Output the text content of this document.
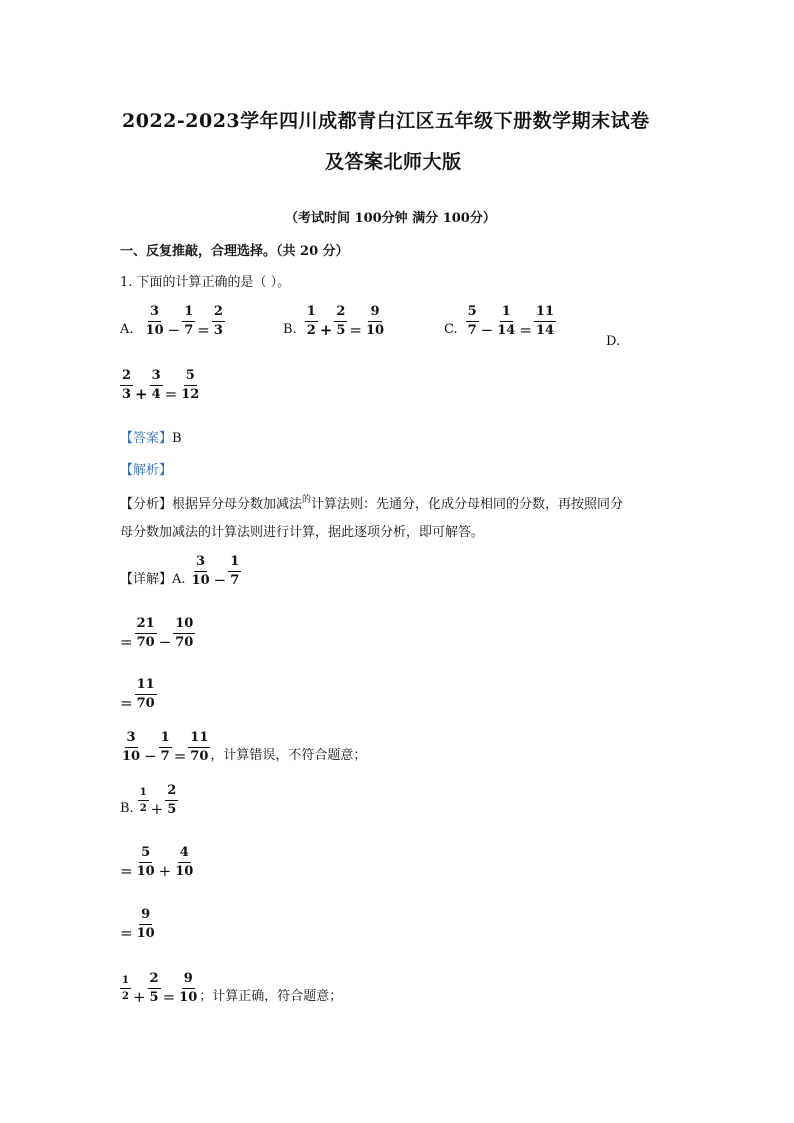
2022-2023学年四川成都青白江区五年级下册数学期末试卷
及答案北师大版
（考试时间 100分钟 满分 100分）
一、反复推敲，合理选择。（共 20 分）
1. 下面的计算正确的是（ ）。
A. $\frac{3}{10} - \frac{1}{7} = \frac{2}{3}$	B. $\frac{1}{2} + \frac{2}{5} = \frac{9}{10}$	C. $\frac{5}{7} - \frac{1}{14} = \frac{11}{14}$
D.
$\frac{2}{3} + \frac{3}{4} = \frac{5}{12}$
【答案】B
【解析】
【分析】根据异分母分数加减法$^的$计算法则：先通分，化成分母相同的分数，再按照同分
母分数加减法的计算法则进行计算，据此逐项分析，即可解答。
【详解】A. $\frac{3}{10} - \frac{1}{7}$
= $\frac{21}{70} - \frac{10}{70}$
= $\frac{11}{70}$
$\frac{3}{10} - \frac{1}{7} = \frac{11}{70}$ ，计算错误，不符合题意；
B. $\frac{1}{2} + \frac{2}{5}$
= $\frac{5}{10} + \frac{4}{10}$
= $\frac{9}{10}$
$\frac{1}{2} + \frac{2}{5} = \frac{9}{10}$ ；计算正确，符合题意；
